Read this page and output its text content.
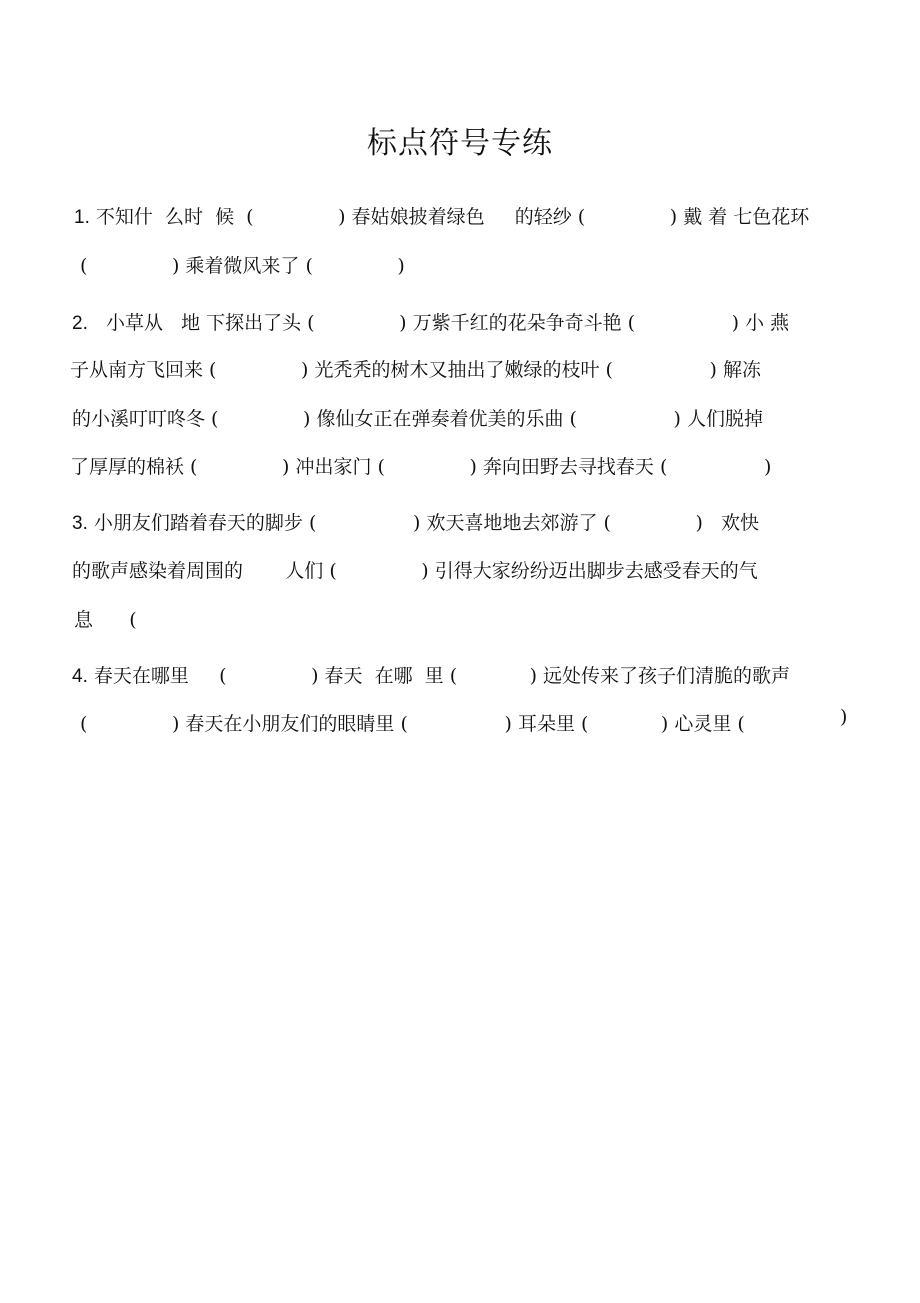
标点符号专练
1. 不知什  么时  候  (              ) 春姑娘披着绿色     的轻纱 (              ) 戴 着 七色花环
(              ) 乘着微风来了 (              )
2. 小草从   地 下探出了头 (              ) 万紫千红的花朵争奇斗艳 (                ) 小 燕
子从南方飞回来 (              ) 光秃秃的树木又抽出了嫩绿的枝叶 (                ) 解冻
的小溪叮叮咚冬 (              ) 像仙女正在弹奏着优美的乐曲 (                ) 人们脱掉
了厚厚的棉袄 (              ) 冲出家门 (              ) 奔向田野去寻找春天 (                )
3. 小朋友们踏着春天的脚步 (                ) 欢天喜地地去郊游了 (              )   欢快
的歌声感染着周围的       人们 (              ) 引得大家纷纷迈出脚步去感受春天的气
息      (
4. 春天在哪里     (              ) 春天  在哪  里 (            ) 远处传来了孩子们清脆的歌声
(              ) 春天在小朋友们的眼睛里 (                ) 耳朵里 (            ) 心灵里 (	)
